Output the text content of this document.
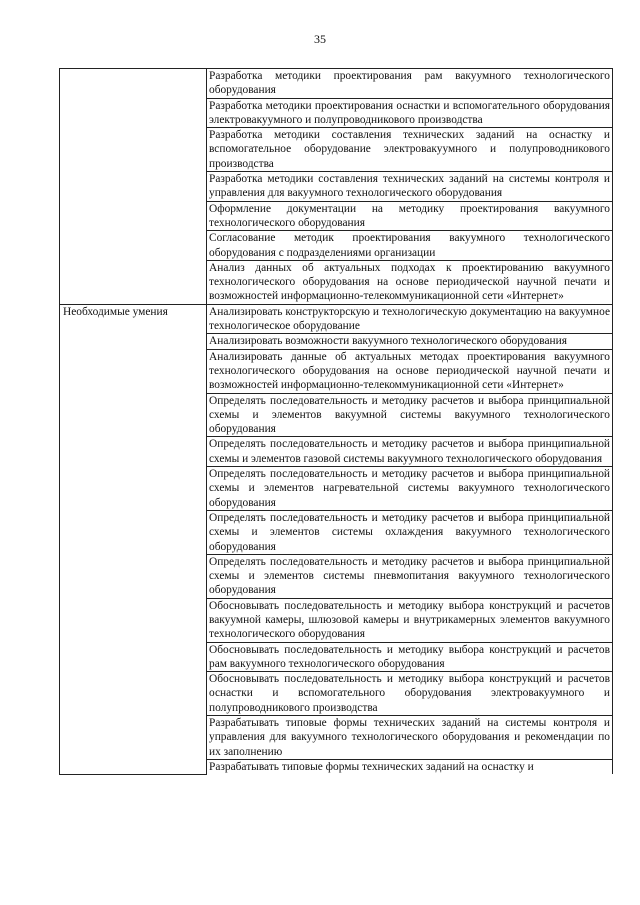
35

	Разработка методики проектирования рам вакуумного технологического оборудования

	Разработка методики проектирования оснастки и вспомогательного оборудования электровакуумного и полупроводникового производства

	Разработка методики составления технических заданий на оснастку и вспомогательное оборудование электровакуумного и полупроводникового производства

	Разработка методики составления технических заданий на системы контроля и управления для вакуумного технологического оборудования

	Оформление документации на методику проектирования вакуумного технологического оборудования

	Согласование методик проектирования вакуумного технологического оборудования с подразделениями организации

	Анализ данных об актуальных подходах к проектированию вакуумного технологического оборудования на основе периодической научной печати и возможностей информационно-телекоммуникационной сети «Интернет»

Необходимые умения	Анализировать конструкторскую и технологическую документацию на вакуумное технологическое оборудование

	Анализировать возможности вакуумного технологического оборудования

	Анализировать данные об актуальных методах проектирования вакуумного технологического оборудования на основе периодической научной печати и возможностей информационно-телекоммуникационной сети «Интернет»

	Определять последовательность и методику расчетов и выбора принципиальной схемы и элементов вакуумной системы вакуумного технологического оборудования

	Определять последовательность и методику расчетов и выбора принципиальной схемы и элементов газовой системы вакуумного технологического оборудования

	Определять последовательность и методику расчетов и выбора принципиальной схемы и элементов нагревательной системы вакуумного технологического оборудования

	Определять последовательность и методику расчетов и выбора принципиальной схемы и элементов системы охлаждения вакуумного технологического оборудования

	Определять последовательность и методику расчетов и выбора принципиальной схемы и элементов системы пневмопитания вакуумного технологического оборудования

	Обосновывать последовательность и методику выбора конструкций и расчетов вакуумной камеры, шлюзовой камеры и внутрикамерных элементов вакуумного технологического оборудования

	Обосновывать последовательность и методику выбора конструкций и расчетов рам вакуумного технологического оборудования

	Обосновывать последовательность и методику выбора конструкций и расчетов оснастки и вспомогательного оборудования электровакуумного и полупроводникового производства

	Разрабатывать типовые формы технических заданий на системы контроля и управления для вакуумного технологического оборудования и рекомендации по их заполнению

	Разрабатывать типовые формы технических заданий на оснастку и
